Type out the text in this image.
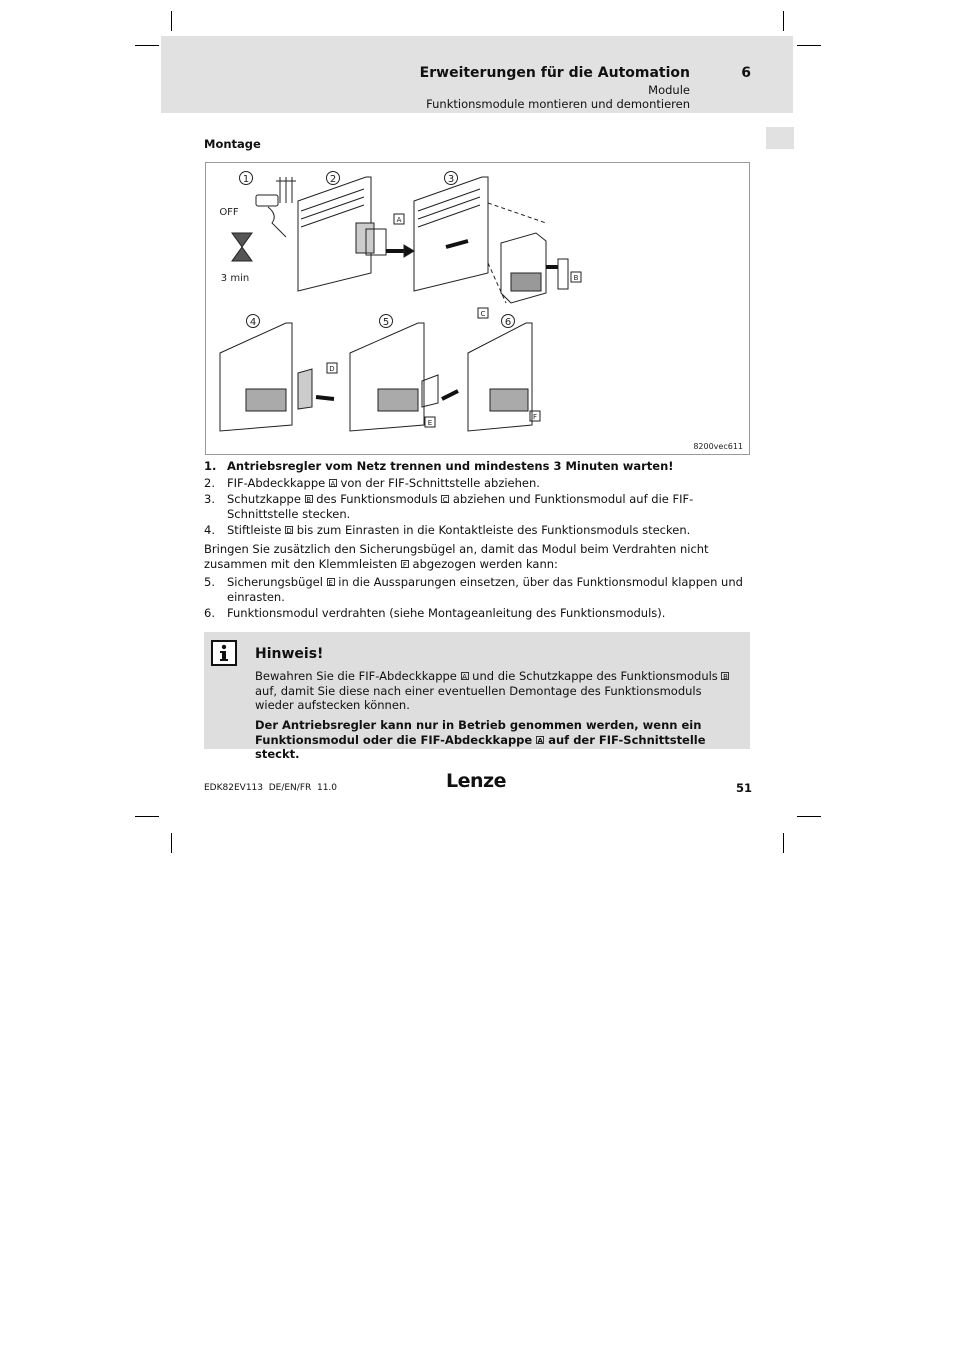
Erweiterungen für die Automation	6
Module
Funktionsmodule montieren und demontieren
Montage
1	2	3
4	5	6
OFF
3 min
A
B
C
D
E
F
8200vec611
1. Antriebsregler vom Netz trennen und mindestens 3 Minuten warten!
2. FIF-Abdeckkappe A von der FIF-Schnittstelle abziehen.
3. Schutzkappe B des Funktionsmoduls C abziehen und Funktionsmodul auf die FIF-Schnittstelle stecken.
4. Stiftleiste D bis zum Einrasten in die Kontaktleiste des Funktionsmoduls stecken.
Bringen Sie zusätzlich den Sicherungsbügel an, damit das Modul beim Verdrahten nicht zusammen mit den Klemmleisten F abgezogen werden kann:
5. Sicherungsbügel E in die Aussparungen einsetzen, über das Funktionsmodul klappen und einrasten.
6. Funktionsmodul verdrahten (siehe Montageanleitung des Funktionsmoduls).
Hinweis!
Bewahren Sie die FIF-Abdeckkappe A und die Schutzkappe des Funktionsmoduls B auf, damit Sie diese nach einer eventuellen Demontage des Funktionsmoduls wieder aufstecken können.
Der Antriebsregler kann nur in Betrieb genommen werden, wenn ein Funktionsmodul oder die FIF-Abdeckkappe A auf der FIF-Schnittstelle steckt.
EDK82EV113  DE/EN/FR  11.0	Lenze	51
